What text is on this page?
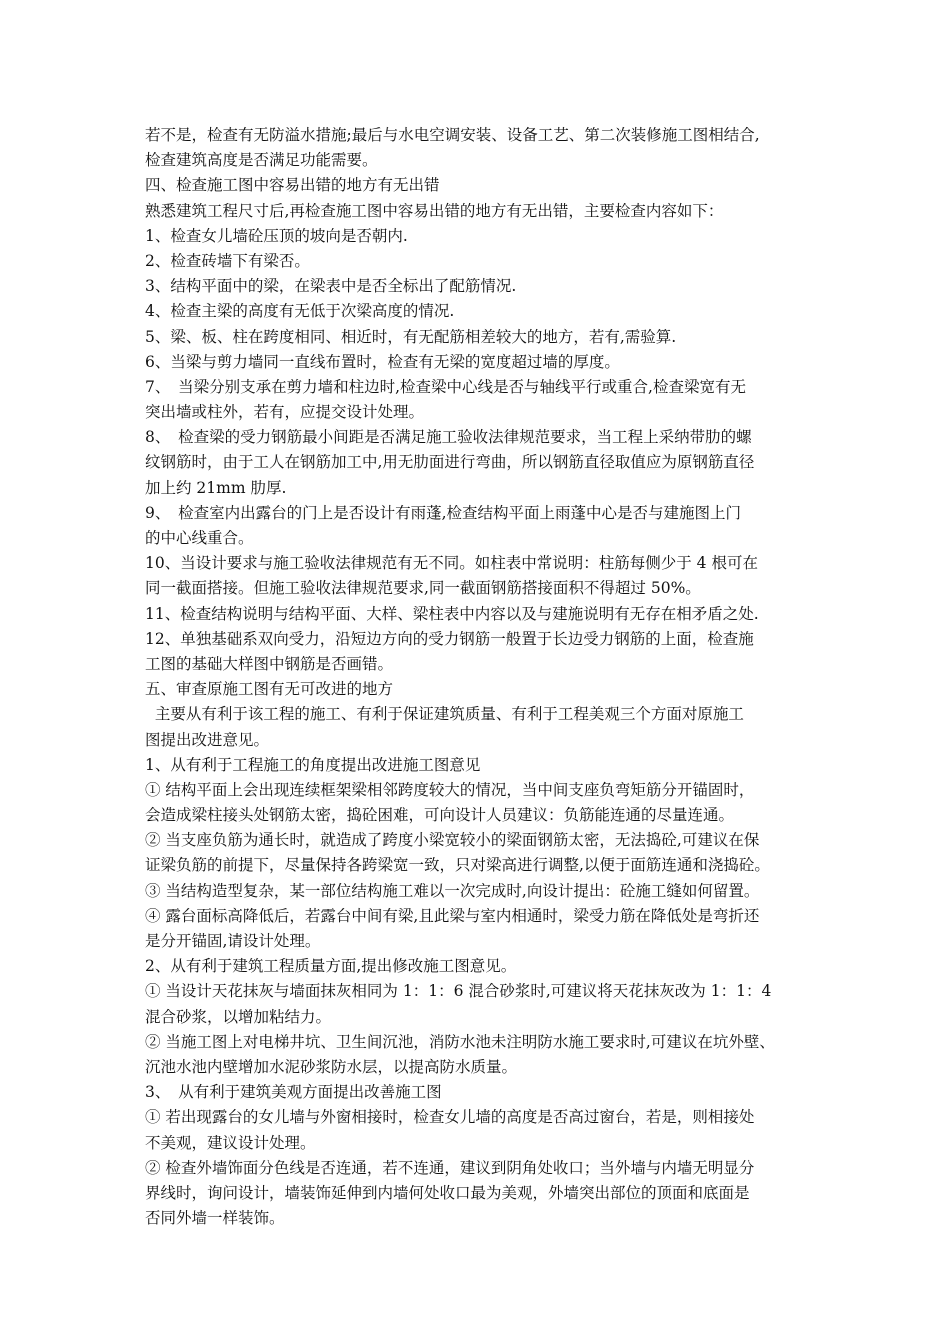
若不是，检查有无防溢水措施;最后与水电空调安装、设备工艺、第二次装修施工图相结合,
检查建筑高度是否满足功能需要。
四、检查施工图中容易出错的地方有无出错
熟悉建筑工程尺寸后,再检查施工图中容易出错的地方有无出错，主要检查内容如下：
1、检查女儿墙砼压顶的坡向是否朝内.
2、检查砖墙下有梁否。
3、结构平面中的梁，在梁表中是否全标出了配筋情况.
4、检查主梁的高度有无低于次梁高度的情况.
5、梁、板、柱在跨度相同、相近时，有无配筋相差较大的地方，若有,需验算.
6、当梁与剪力墙同一直线布置时，检查有无梁的宽度超过墙的厚度。
7、　当梁分别支承在剪力墙和柱边时,检查梁中心线是否与轴线平行或重合,检查梁宽有无
突出墙或柱外，若有，应提交设计处理。
8、　检查梁的受力钢筋最小间距是否满足施工验收法律规范要求，当工程上采纳带肋的螺
纹钢筋时，由于工人在钢筋加工中,用无肋面进行弯曲，所以钢筋直径取值应为原钢筋直径
加上约 21mm 肋厚.
9、　检查室内出露台的门上是否设计有雨蓬,检查结构平面上雨蓬中心是否与建施图上门
的中心线重合。
10、当设计要求与施工验收法律规范有无不同。如柱表中常说明：柱筋每侧少于 4 根可在
同一截面搭接。但施工验收法律规范要求,同一截面钢筋搭接面积不得超过 50%。
11、检查结构说明与结构平面、大样、梁柱表中内容以及与建施说明有无存在相矛盾之处.
12、单独基础系双向受力，沿短边方向的受力钢筋一般置于长边受力钢筋的上面，检查施
工图的基础大样图中钢筋是否画错。
五、审查原施工图有无可改进的地方
主要从有利于该工程的施工、有利于保证建筑质量、有利于工程美观三个方面对原施工
图提出改进意见。
1、从有利于工程施工的角度提出改进施工图意见
① 结构平面上会出现连续框架梁相邻跨度较大的情况，当中间支座负弯矩筋分开锚固时，
会造成梁柱接头处钢筋太密，捣砼困难，可向设计人员建议：负筋能连通的尽量连通。
② 当支座负筋为通长时，就造成了跨度小梁宽较小的梁面钢筋太密，无法捣砼,可建议在保
证梁负筋的前提下，尽量保持各跨梁宽一致，只对梁高进行调整,以便于面筋连通和浇捣砼。
③ 当结构造型复杂，某一部位结构施工难以一次完成时,向设计提出：砼施工缝如何留置。
④ 露台面标高降低后，若露台中间有梁,且此梁与室内相通时，梁受力筋在降低处是弯折还
是分开锚固,请设计处理。
2、从有利于建筑工程质量方面,提出修改施工图意见。
① 当设计天花抹灰与墙面抹灰相同为 1：1：6 混合砂浆时,可建议将天花抹灰改为 1：1：4
混合砂浆，以增加粘结力。
② 当施工图上对电梯井坑、卫生间沉池，消防水池未注明防水施工要求时,可建议在坑外壁、
沉池水池内壁增加水泥砂浆防水层，以提高防水质量。
3、　从有利于建筑美观方面提出改善施工图
① 若出现露台的女儿墙与外窗相接时，检查女儿墙的高度是否高过窗台，若是，则相接处
不美观，建议设计处理。
② 检查外墙饰面分色线是否连通，若不连通，建议到阴角处收口；当外墙与内墙无明显分
界线时，询问设计，墙装饰延伸到内墙何处收口最为美观，外墙突出部位的顶面和底面是
否同外墙一样装饰。
